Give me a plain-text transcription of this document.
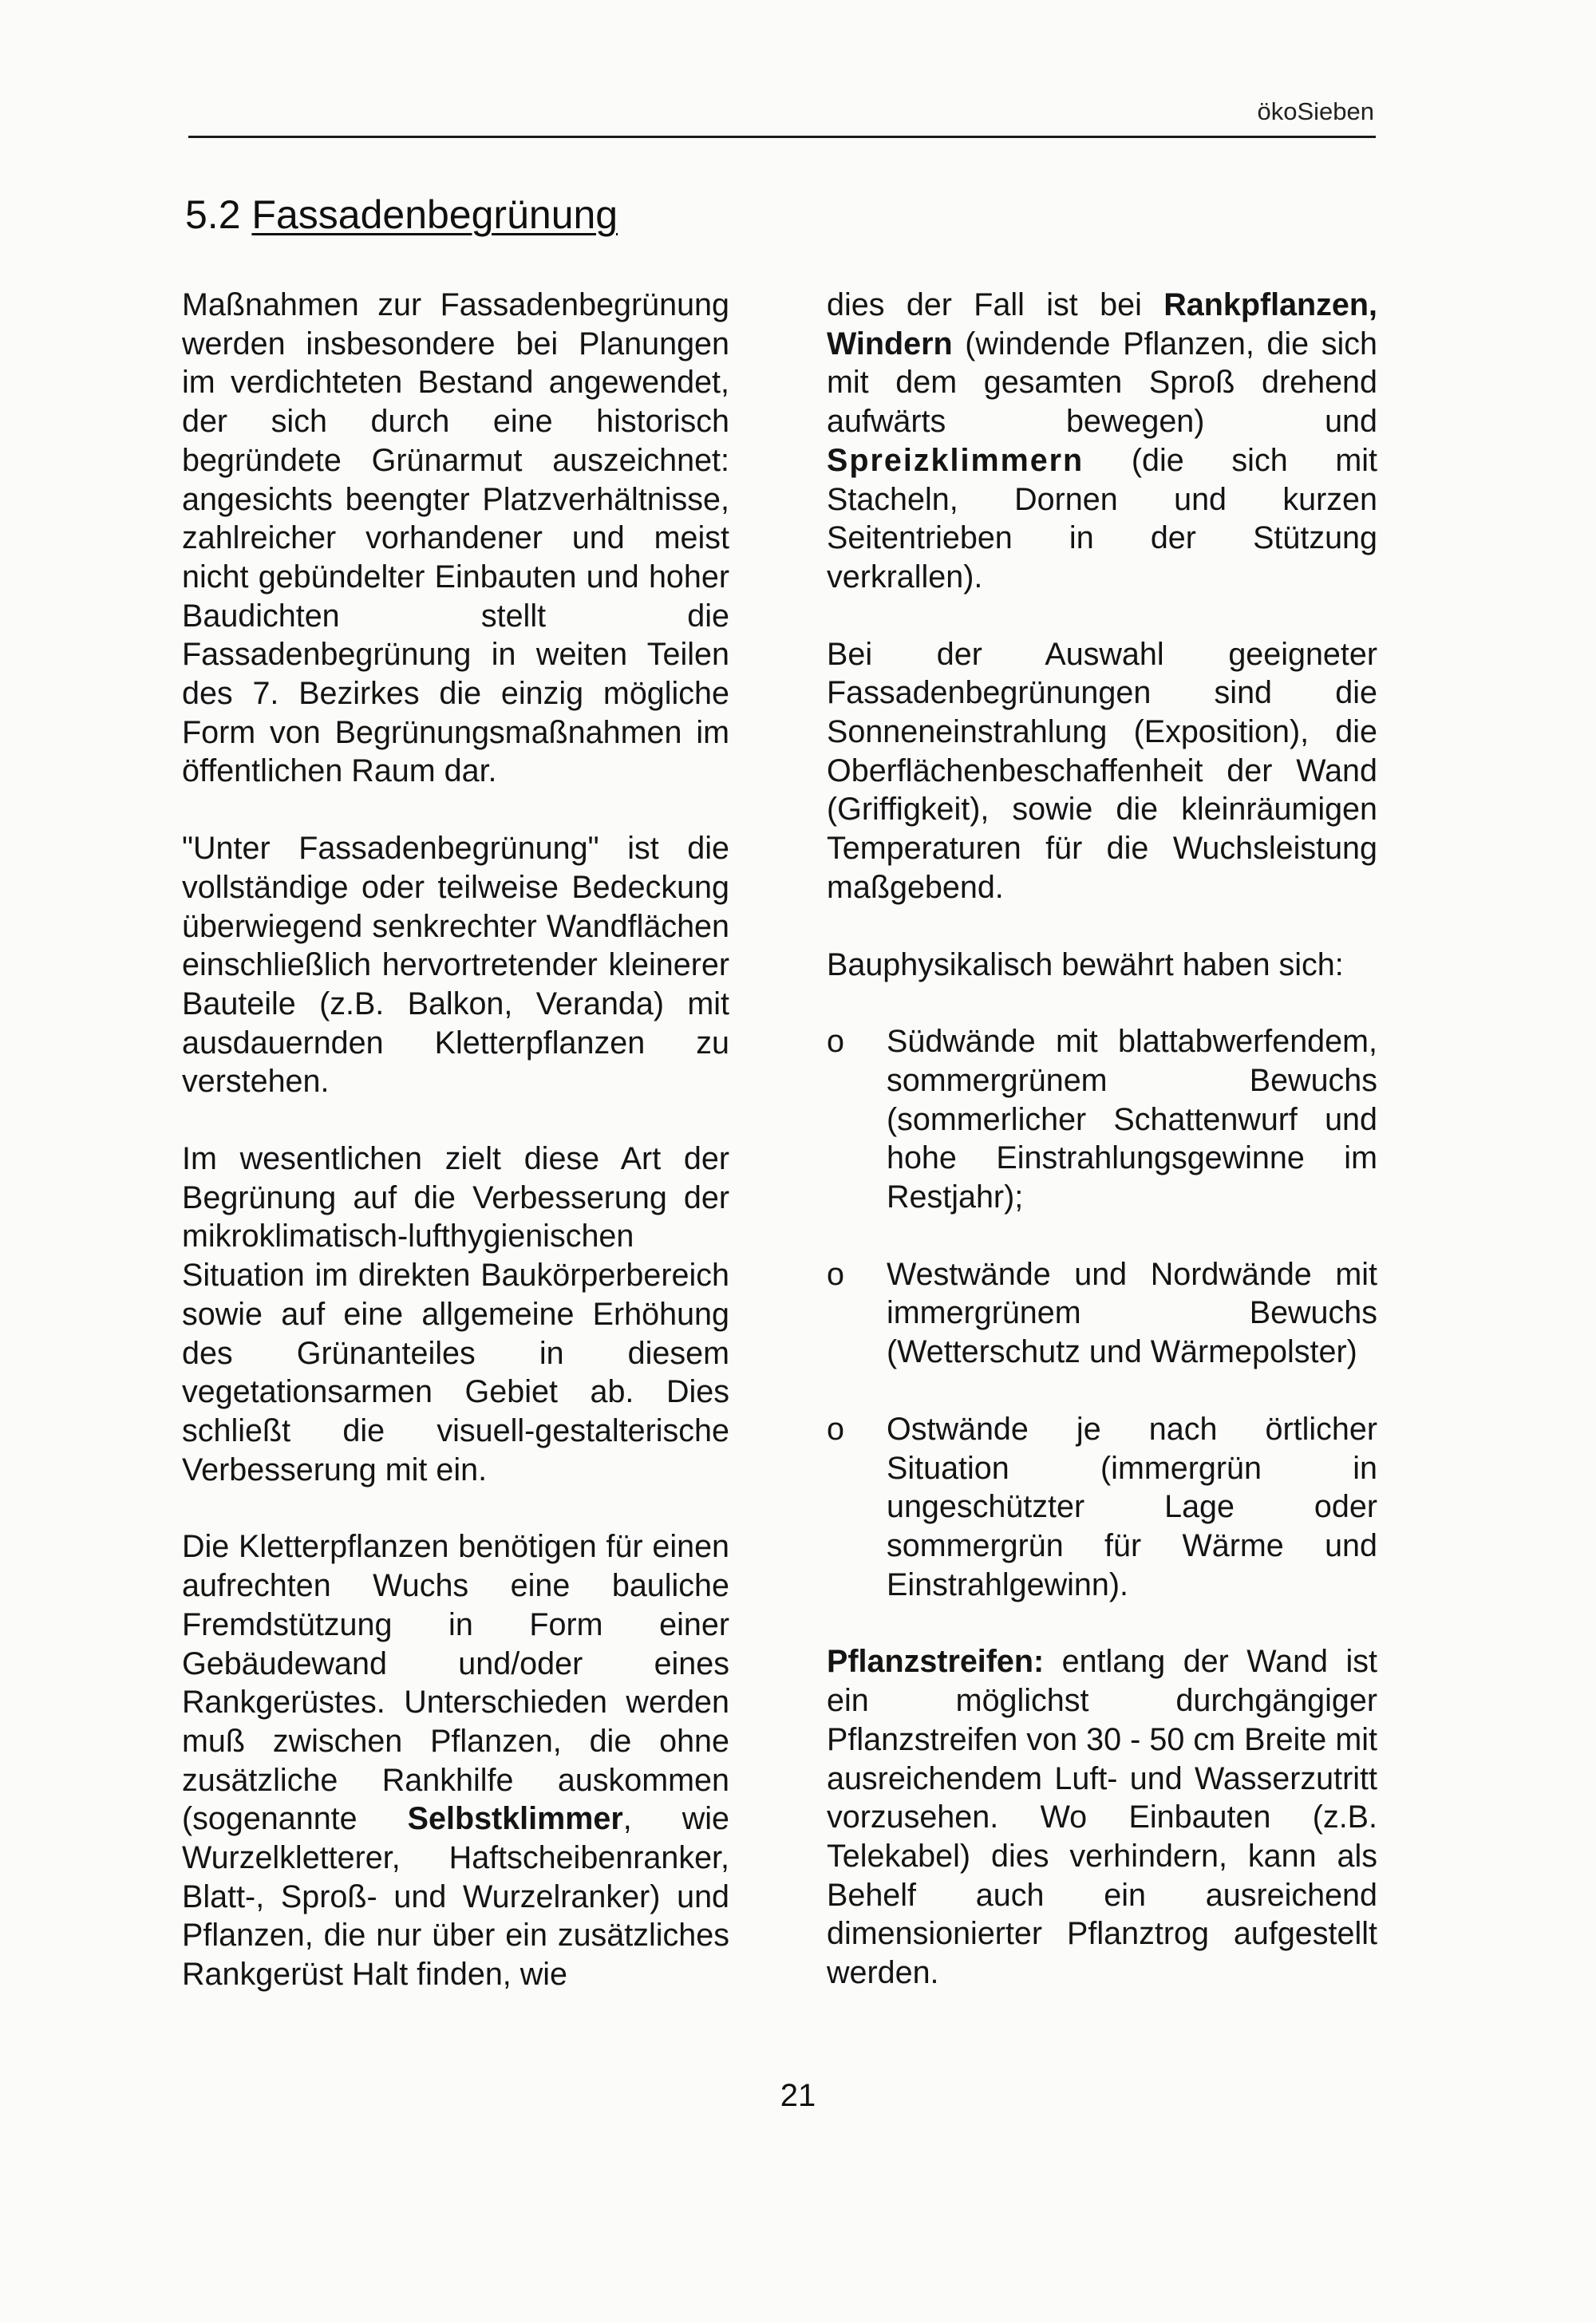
ökoSieben
5.2 Fassadenbegrünung

Maßnahmen zur Fassadenbegrünung werden insbesondere bei Planungen im verdichteten Bestand angewendet, der sich durch eine historisch begründete Grünarmut auszeichnet: angesichts beengter Platzverhältnisse, zahlreicher vorhandener und meist nicht gebündelter Einbauten und hoher Baudichten stellt die Fassadenbegrünung in weiten Teilen des 7. Bezirkes die einzig mögliche Form von Begrünungsmaßnahmen im öffentlichen Raum dar.

"Unter Fassadenbegrünung" ist die vollständige oder teilweise Bedeckung überwiegend senkrechter Wandflächen einschließlich hervortretender kleinerer Bauteile (z.B. Balkon, Veranda) mit ausdauernden Kletterpflanzen zu verstehen.

Im wesentlichen zielt diese Art der Begrünung auf die Verbesserung der mikroklimatisch-lufthygienischen Situation im direkten Baukörperbereich sowie auf eine allgemeine Erhöhung des Grünanteiles in diesem vegetationsarmen Gebiet ab. Dies schließt die visuell-gestalterische Verbesserung mit ein.

Die Kletterpflanzen benötigen für einen aufrechten Wuchs eine bauliche Fremdstützung in Form einer Gebäudewand und/oder eines Rankgerüstes. Unterschieden werden muß zwischen Pflanzen, die ohne zusätzliche Rankhilfe auskommen (sogenannte Selbstklimmer, wie Wurzelkletterer, Haftscheibenranker, Blatt-, Sproß- und Wurzelranker) und Pflanzen, die nur über ein zusätzliches Rankgerüst Halt finden, wie

dies der Fall ist bei Rankpflanzen, Windern (windende Pflanzen, die sich mit dem gesamten Sproß drehend aufwärts bewegen) und Spreizklimmern (die sich mit Stacheln, Dornen und kurzen Seitentrieben in der Stützung verkrallen).

Bei der Auswahl geeigneter Fassadenbegrünungen sind die Sonneneinstrahlung (Exposition), die Oberflächenbeschaffenheit der Wand (Griffigkeit), sowie die kleinräumigen Temperaturen für die Wuchsleistung maßgebend.

Bauphysikalisch bewährt haben sich:

o Südwände mit blattabwerfendem, sommergrünem Bewuchs (sommerlicher Schattenwurf und hohe Einstrahlungsgewinne im Restjahr);

o Westwände und Nordwände mit immergrünem Bewuchs (Wetterschutz und Wärmepolster)

o Ostwände je nach örtlicher Situation (immergrün in ungeschützter Lage oder sommergrün für Wärme und Einstrahlgewinn).

Pflanzstreifen: entlang der Wand ist ein möglichst durchgängiger Pflanzstreifen von 30 - 50 cm Breite mit ausreichendem Luft- und Wasserzutritt vorzusehen. Wo Einbauten (z.B. Telekabel) dies verhindern, kann als Behelf auch ein ausreichend dimensionierter Pflanztrog aufgestellt werden.

21
